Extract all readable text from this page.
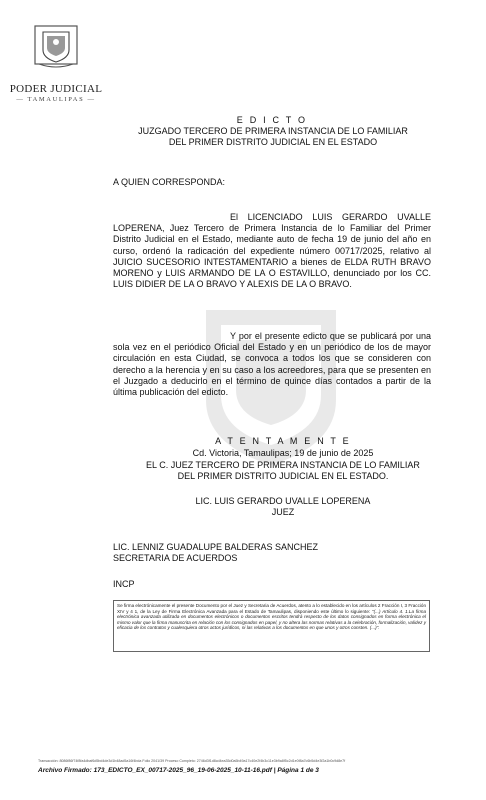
PODER JUDICIAL
— TAMAULIPAS —
E D I C T O
JUZGADO TERCERO DE PRIMERA INSTANCIA DE LO FAMILIAR
DEL PRIMER DISTRITO JUDICIAL EN EL ESTADO
A QUIEN CORRESPONDA:
El LICENCIADO LUIS GERARDO UVALLE LOPERENA, Juez Tercero de Primera Instancia de lo Familiar del Primer Distrito Judicial en el Estado, mediante auto de fecha 19 de junio del año en curso, ordenó la radicación del expediente número 00717/2025, relativo al JUICIO SUCESORIO INTESTAMENTARIO a bienes de ELDA RUTH BRAVO MORENO y LUIS ARMANDO DE LA O ESTAVILLO, denunciado por los CC. LUIS DIDIER DE LA O BRAVO Y ALEXIS DE LA O BRAVO.
Y por el presente edicto que se publicará por una sola vez en el periódico Oficial del Estado y en un periódico de los de mayor circulación en esta Ciudad, se convoca a todos los que se consideren con derecho a la herencia y en su caso a los acreedores, para que se presenten en el Juzgado a deducirlo en el término de quince días contados a partir de la última publicación del edicto.
A T E N T A M E N T E
Cd. Victoria, Tamaulipas; 19 de junio de 2025
EL C. JUEZ TERCERO DE PRIMERA INSTANCIA DE LO FAMILIAR
DEL PRIMER DISTRITO JUDICIAL EN EL ESTADO.
LIC. LUIS GERARDO UVALLE LOPERENA
JUEZ
LIC. LENNIZ GUADALUPE BALDERAS SANCHEZ
SECRETARIA DE ACUERDOS
INCP
Se firma electrónicamente el presente Documento por el Juez y Secretaria de Acuerdos, atento a lo establecido en los artículos 2 Fracción I, 3 Fracción XIV y 4 1, de la Ley de Firma Electrónica Avanzada para el Estado de Tamaulipas, disponiendo este último lo siguiente: "(...) Artículo 4. 1.La firma electrónica avanzada utilizada en documentos electrónicos o documentos escritos tendrá respecto de los datos consignados en forma electrónica el mismo valor que la firma manuscrita en relación con los consignados en papel, y no altera las normas relativas a la celebración, formalización, validez y eficacia de los contratos y cualesquiera otros actos jurídicos, ni las relativas a los documentos en que unos y otros consten. (...)".
Transacción: 8086f86f74f8fa4dbaf6d5bd4de3d1b48ad5a16f4bda Folio 2041/39 Proceso Completo: 2746d3f1d8cd4ea35d0a5b49a17c40e2f4b3c11e3b9a8f5c2d1e0f8a7c6b5d4e3f2a1b0c9d8e7f
Archivo Firmado: 173_EDICTO_EX_00717-2025_96_19-06-2025_10-11-16.pdf | Página 1 de 3
